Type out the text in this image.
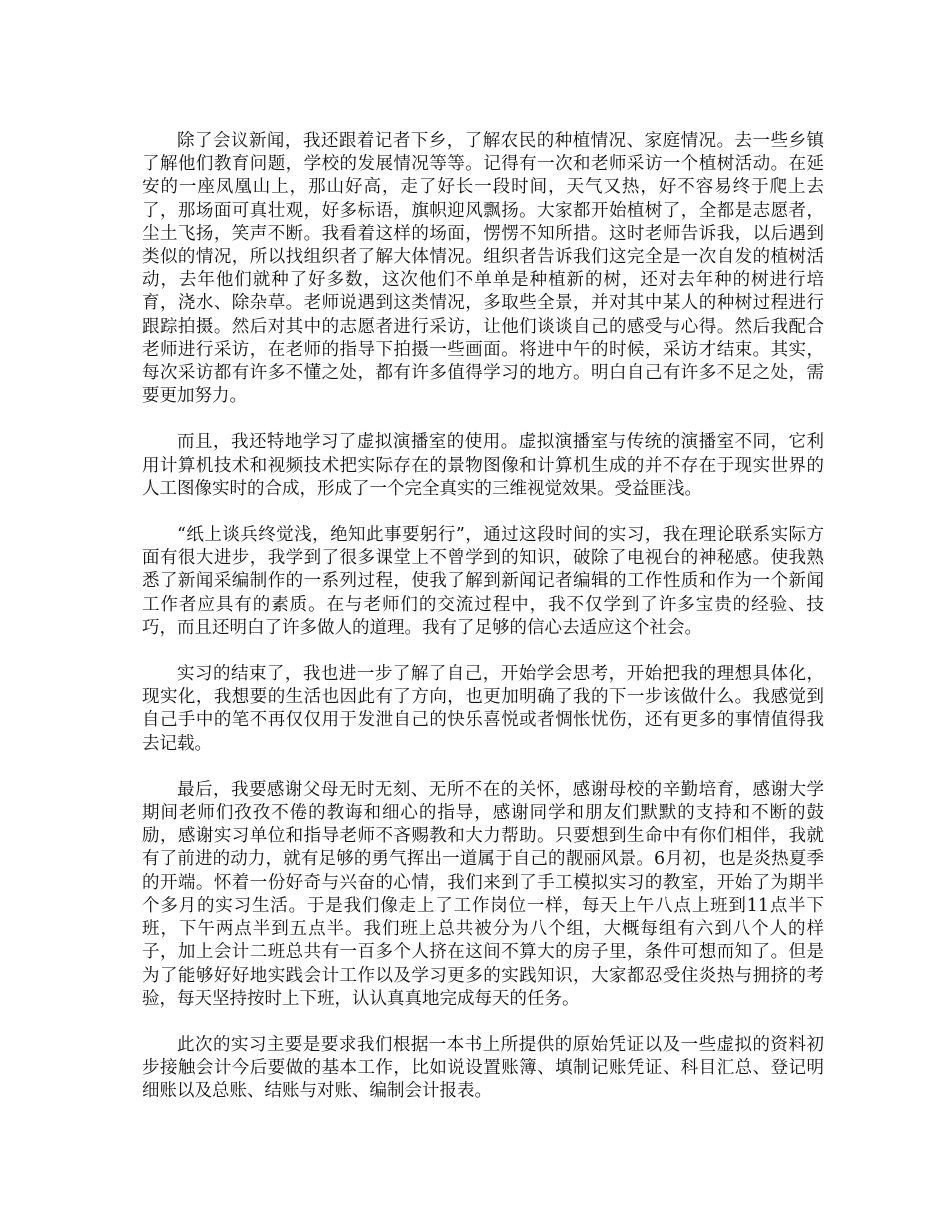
除了会议新闻，我还跟着记者下乡，了解农民的种植情况、家庭情况。去一些乡镇了解他们教育问题，学校的发展情况等等。记得有一次和老师采访一个植树活动。在延安的一座凤凰山上，那山好高，走了好长一段时间，天气又热，好不容易终于爬上去了，那场面可真壮观，好多标语，旗帜迎风飘扬。大家都开始植树了，全都是志愿者，尘土飞扬，笑声不断。我看着这样的场面，愣愣不知所措。这时老师告诉我，以后遇到类似的情况，所以找组织者了解大体情况。组织者告诉我们这完全是一次自发的植树活动，去年他们就种了好多数，这次他们不单单是种植新的树，还对去年种的树进行培育，浇水、除杂草。老师说遇到这类情况，多取些全景，并对其中某人的种树过程进行跟踪拍摄。然后对其中的志愿者进行采访，让他们谈谈自己的感受与心得。然后我配合老师进行采访，在老师的指导下拍摄一些画面。将进中午的时候，采访才结束。其实，每次采访都有许多不懂之处，都有许多值得学习的地方。明白自己有许多不足之处，需要更加努力。

而且，我还特地学习了虚拟演播室的使用。虚拟演播室与传统的演播室不同，它利用计算机技术和视频技术把实际存在的景物图像和计算机生成的并不存在于现实世界的人工图像实时的合成，形成了一个完全真实的三维视觉效果。受益匪浅。

“纸上谈兵终觉浅，绝知此事要躬行”，通过这段时间的实习，我在理论联系实际方面有很大进步，我学到了很多课堂上不曾学到的知识，破除了电视台的神秘感。使我熟悉了新闻采编制作的一系列过程，使我了解到新闻记者编辑的工作性质和作为一个新闻工作者应具有的素质。在与老师们的交流过程中，我不仅学到了许多宝贵的经验、技巧，而且还明白了许多做人的道理。我有了足够的信心去适应这个社会。

实习的结束了，我也进一步了解了自己，开始学会思考，开始把我的理想具体化，现实化，我想要的生活也因此有了方向，也更加明确了我的下一步该做什么。我感觉到自己手中的笔不再仅仅用于发泄自己的快乐喜悦或者惆怅忧伤，还有更多的事情值得我去记载。

最后，我要感谢父母无时无刻、无所不在的关怀，感谢母校的辛勤培育，感谢大学期间老师们孜孜不倦的教诲和细心的指导，感谢同学和朋友们默默的支持和不断的鼓励，感谢实习单位和指导老师不吝赐教和大力帮助。只要想到生命中有你们相伴，我就有了前进的动力，就有足够的勇气挥出一道属于自己的靓丽风景。6月初，也是炎热夏季的开端。怀着一份好奇与兴奋的心情，我们来到了手工模拟实习的教室，开始了为期半个多月的实习生活。于是我们像走上了工作岗位一样，每天上午八点上班到11点半下班，下午两点半到五点半。我们班上总共被分为八个组，大概每组有六到八个人的样子，加上会计二班总共有一百多个人挤在这间不算大的房子里，条件可想而知了。但是为了能够好好地实践会计工作以及学习更多的实践知识，大家都忍受住炎热与拥挤的考验，每天坚持按时上下班，认认真真地完成每天的任务。

此次的实习主要是要求我们根据一本书上所提供的原始凭证以及一些虚拟的资料初步接触会计今后要做的基本工作，比如说设置账簿、填制记账凭证、科目汇总、登记明细账以及总账、结账与对账、编制会计报表。
